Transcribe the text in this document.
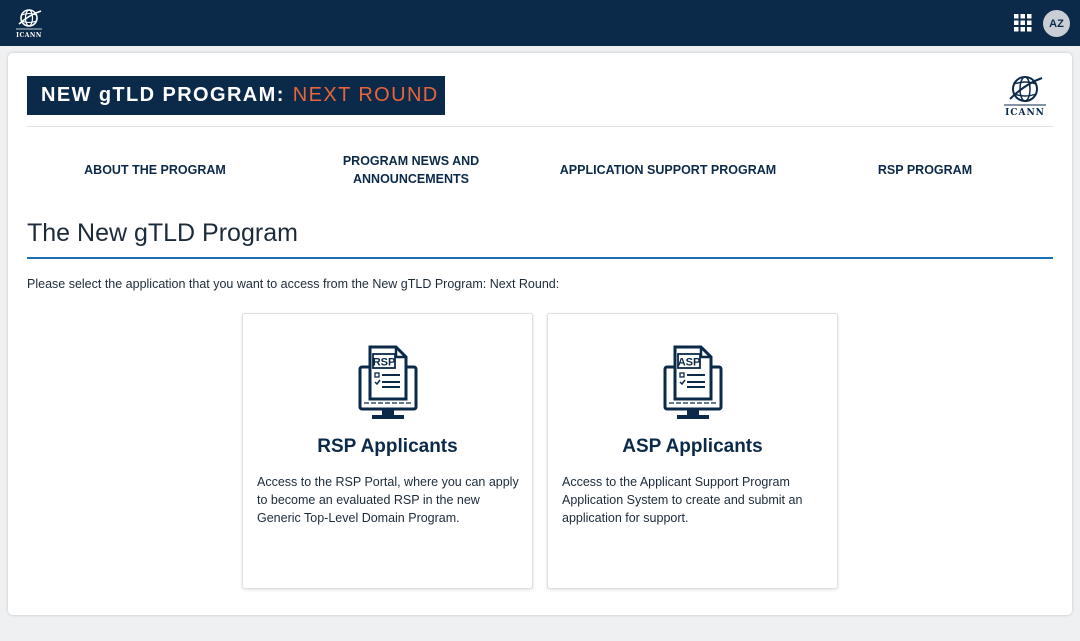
ICANN
AZ
NEW gTLD PROGRAM: NEXT ROUND
ICANN
ABOUT THE PROGRAM
PROGRAM NEWS AND ANNOUNCEMENTS
APPLICATION SUPPORT PROGRAM	RSP PROGRAM
The New gTLD Program

Please select the application that you want to access from the New gTLD Program: Next Round:

RSP
RSP Applicants
Access to the RSP Portal, where you can apply to become an evaluated RSP in the new Generic Top-Level Domain Program.
ASP
ASP Applicants
Access to the Applicant Support Program Application System to create and submit an application for support.
